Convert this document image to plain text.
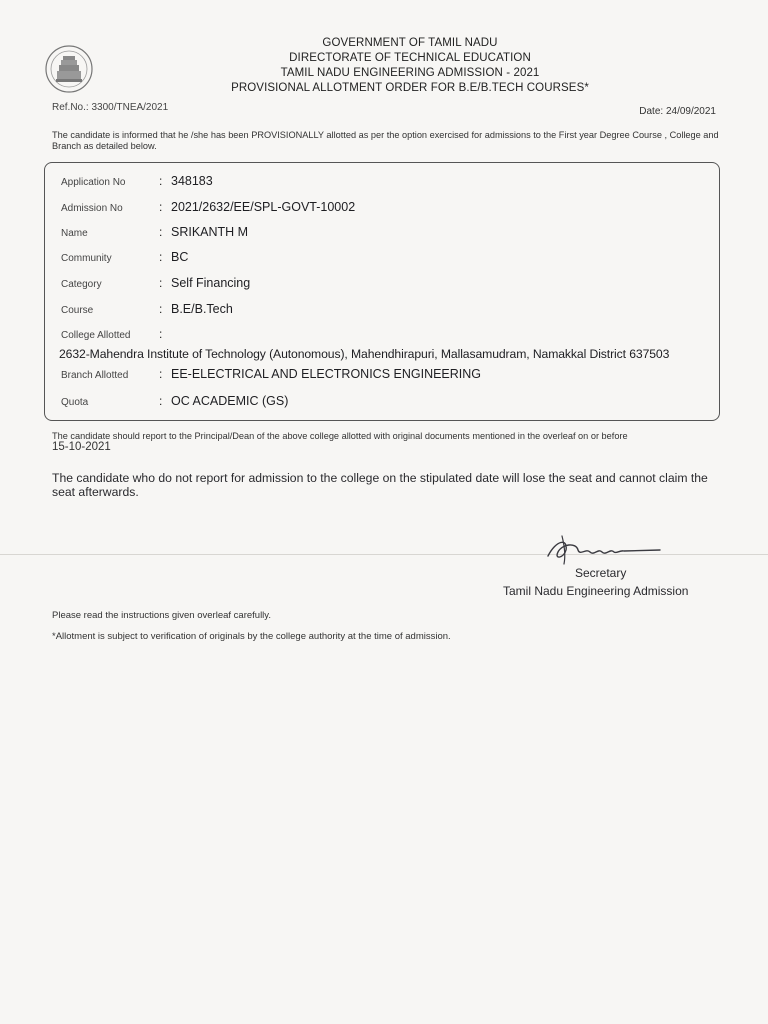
GOVERNMENT OF TAMIL NADU
DIRECTORATE OF TECHNICAL EDUCATION
TAMIL NADU ENGINEERING ADMISSION - 2021
PROVISIONAL ALLOTMENT ORDER FOR B.E/B.TECH COURSES*
Ref.No.: 3300/TNEA/2021	Date: 24/09/2021
The candidate is informed that he /she has been PROVISIONALLY allotted as per the option exercised for admissions to the First year Degree Course , College and Branch as detailed below.
Application No	: 348183
Admission No	: 2021/2632/EE/SPL-GOVT-10002
Name	: SRIKANTH M
Community	: BC
Category	: Self Financing
Course	: B.E/B.Tech
College Allotted :
2632-Mahendra Institute of Technology (Autonomous), Mahendhirapuri, Mallasamudram, Namakkal District 637503
Branch Allotted	: EE-ELECTRICAL AND ELECTRONICS ENGINEERING
Quota	: OC ACADEMIC (GS)
The candidate should report to the Principal/Dean of the above college allotted with original documents mentioned in the overleaf on or before
15-10-2021
The candidate who do not report for admission to the college on the stipulated date will lose the seat and cannot claim the seat afterwards.
Secretary
Tamil Nadu Engineering Admission
Please read the instructions given overleaf carefully.
*Allotment is subject to verification of originals by the college authority at the time of admission.
